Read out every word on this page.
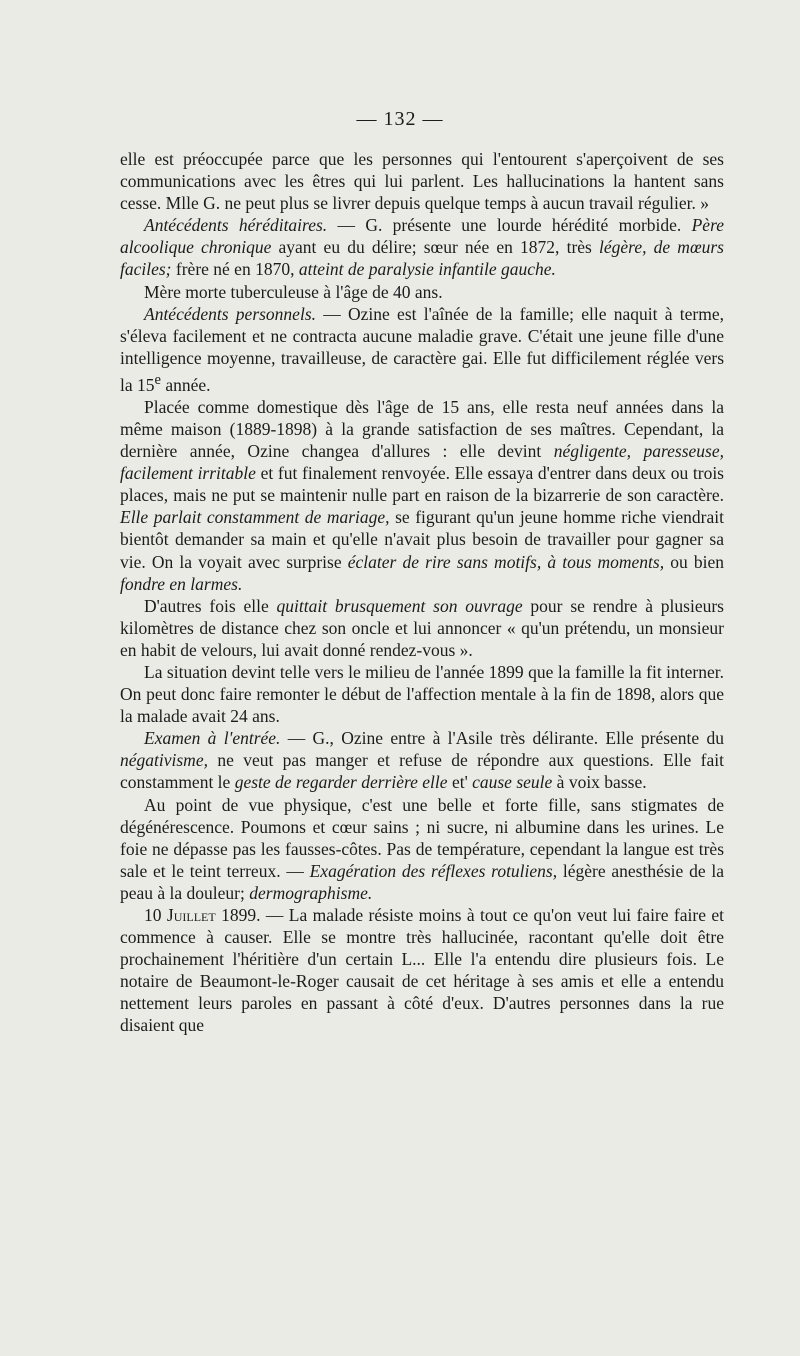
— 132 —

elle est préoccupée parce que les personnes qui l'entourent s'aperçoivent de ses communications avec les êtres qui lui parlent. Les hallucinations la hantent sans cesse. Mlle G. ne peut plus se livrer depuis quelque temps à aucun travail régulier. »

Antécédents héréditaires. — G. présente une lourde hérédité morbide. Père alcoolique chronique ayant eu du délire; sœur née en 1872, très légère, de mœurs faciles; frère né en 1870, atteint de paralysie infantile gauche.

Mère morte tuberculeuse à l'âge de 40 ans.

Antécédents personnels. — Ozine est l'aînée de la famille; elle naquit à terme, s'éleva facilement et ne contracta aucune maladie grave. C'était une jeune fille d'une intelligence moyenne, travailleuse, de caractère gai. Elle fut difficilement réglée vers la 15e année.

Placée comme domestique dès l'âge de 15 ans, elle resta neuf années dans la même maison (1889-1898) à la grande satisfaction de ses maîtres. Cependant, la dernière année, Ozine changea d'allures : elle devint négligente, paresseuse, facilement irritable et fut finalement renvoyée. Elle essaya d'entrer dans deux ou trois places, mais ne put se maintenir nulle part en raison de la bizarrerie de son caractère. Elle parlait constamment de mariage, se figurant qu'un jeune homme riche viendrait bientôt demander sa main et qu'elle n'avait plus besoin de travailler pour gagner sa vie. On la voyait avec surprise éclater de rire sans motifs, à tous moments, ou bien fondre en larmes.

D'autres fois elle quittait brusquement son ouvrage pour se rendre à plusieurs kilomètres de distance chez son oncle et lui annoncer « qu'un prétendu, un monsieur en habit de velours, lui avait donné rendez-vous ».

La situation devint telle vers le milieu de l'année 1899 que la famille la fit interner. On peut donc faire remonter le début de l'affection mentale à la fin de 1898, alors que la malade avait 24 ans.

Examen à l'entrée. — G., Ozine entre à l'Asile très délirante. Elle présente du négativisme, ne veut pas manger et refuse de répondre aux questions. Elle fait constamment le geste de regarder derrière elle et' cause seule à voix basse.

Au point de vue physique, c'est une belle et forte fille, sans stigmates de dégénérescence. Poumons et cœur sains ; ni sucre, ni albumine dans les urines. Le foie ne dépasse pas les fausses-côtes. Pas de température, cependant la langue est très sale et le teint terreux. — Exagération des réflexes rotuliens, légère anesthésie de la peau à la douleur; dermographisme.

10 Juillet 1899. — La malade résiste moins à tout ce qu'on veut lui faire faire et commence à causer. Elle se montre très hallucinée, racontant qu'elle doit être prochainement l'héritière d'un certain L... Elle l'a entendu dire plusieurs fois. Le notaire de Beaumont-le-Roger causait de cet héritage à ses amis et elle a entendu nettement leurs paroles en passant à côté d'eux. D'autres personnes dans la rue disaient que
